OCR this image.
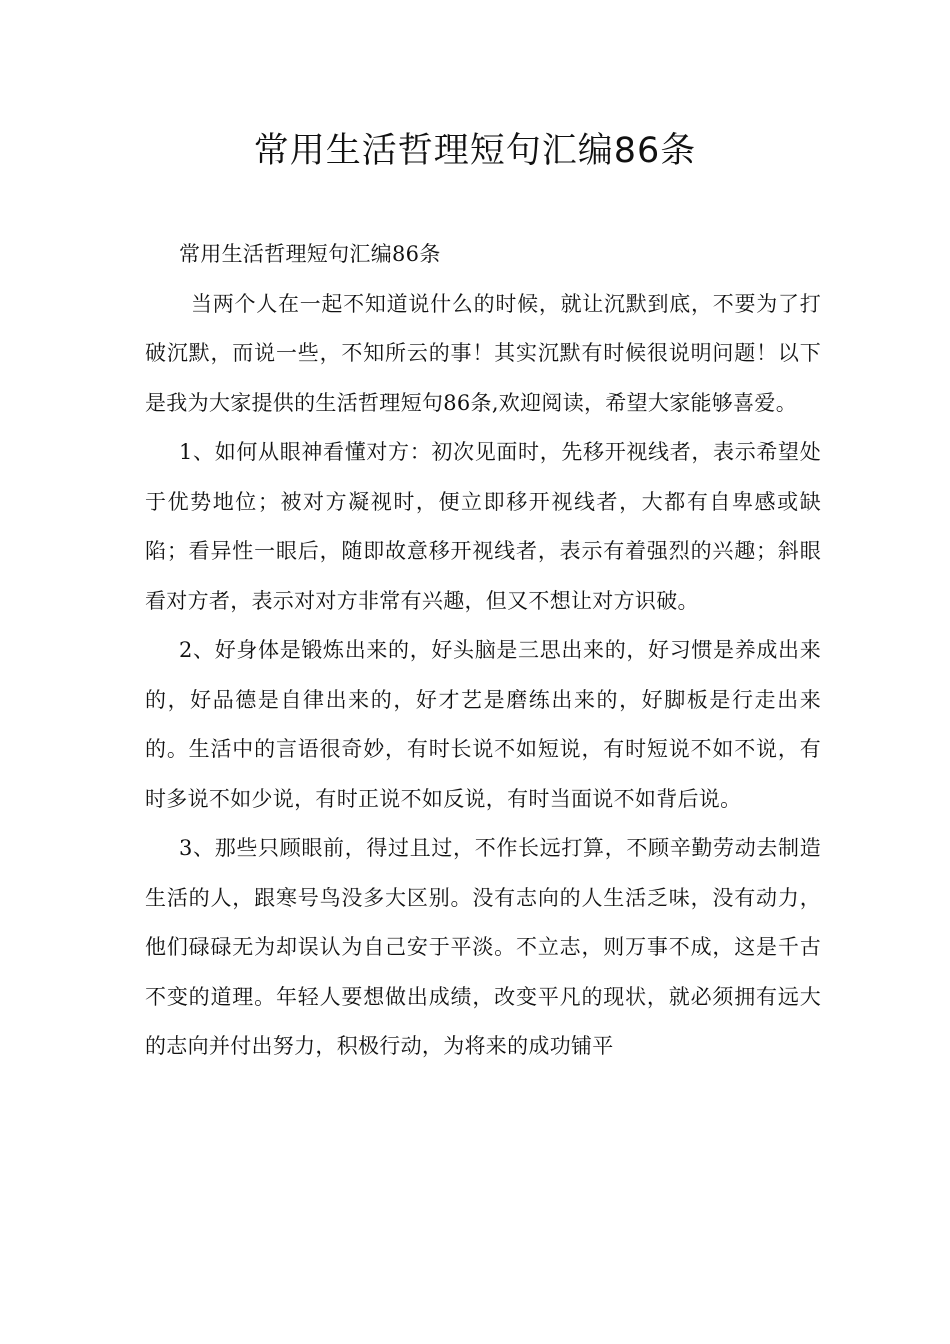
常用生活哲理短句汇编86条

常用生活哲理短句汇编86条

当两个人在一起不知道说什么的时候，就让沉默到底，不要为了打破沉默，而说一些，不知所云的事！其实沉默有时候很说明问题！以下是我为大家提供的生活哲理短句86条,欢迎阅读，希望大家能够喜爱。

1、如何从眼神看懂对方：初次见面时，先移开视线者，表示希望处于优势地位；被对方凝视时，便立即移开视线者，大都有自卑感或缺陷；看异性一眼后，随即故意移开视线者，表示有着强烈的兴趣；斜眼看对方者，表示对对方非常有兴趣，但又不想让对方识破。

2、好身体是锻炼出来的，好头脑是三思出来的，好习惯是养成出来的，好品德是自律出来的，好才艺是磨练出来的，好脚板是行走出来的。生活中的言语很奇妙，有时长说不如短说，有时短说不如不说，有时多说不如少说，有时正说不如反说，有时当面说不如背后说。

3、那些只顾眼前，得过且过，不作长远打算，不顾辛勤劳动去制造生活的人，跟寒号鸟没多大区别。没有志向的人生活乏味，没有动力，他们碌碌无为却误认为自己安于平淡。不立志，则万事不成，这是千古不变的道理。年轻人要想做出成绩，改变平凡的现状，就必须拥有远大的志向并付出努力，积极行动，为将来的成功铺平
